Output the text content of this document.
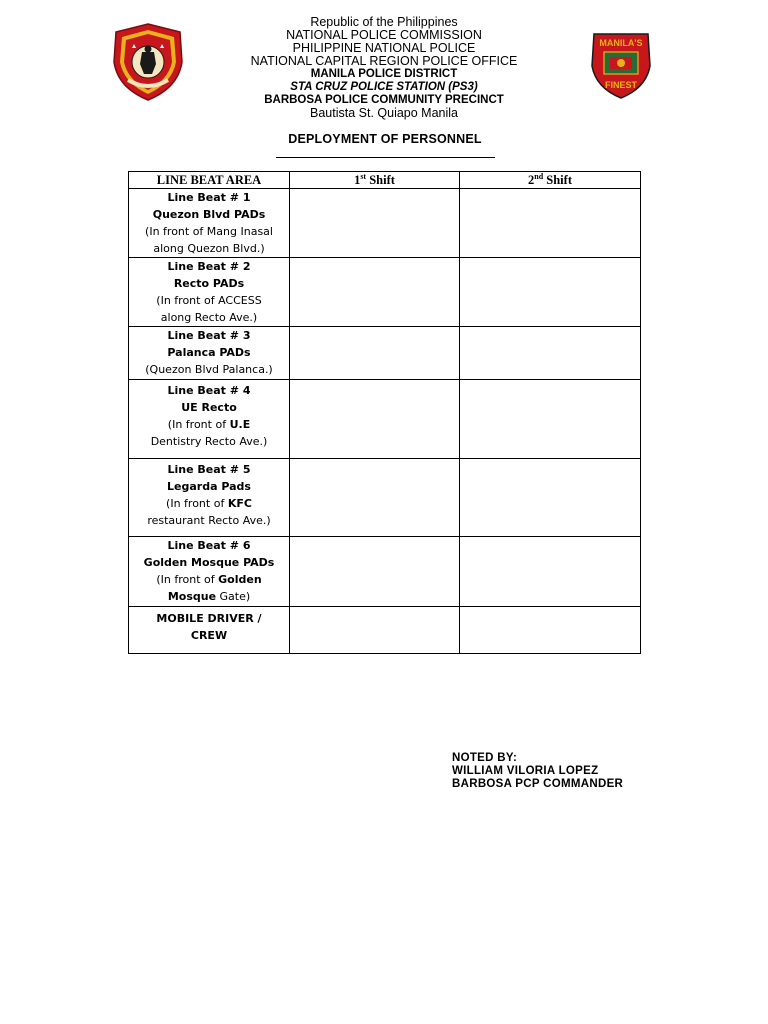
MANILA'S
FINEST
Republic of the Philippines
NATIONAL POLICE COMMISSION
PHILIPPINE NATIONAL POLICE
NATIONAL CAPITAL REGION POLICE OFFICE
MANILA POLICE DISTRICT
STA CRUZ POLICE STATION (PS3)
BARBOSA POLICE COMMUNITY PRECINCT
Bautista St. Quiapo Manila
DEPLOYMENT OF PERSONNEL
LINE BEAT AREA	1st Shift	2nd Shift

Line Beat # 1
Quezon Blvd PADs
(In front of Mang Inasal
along Quezon Blvd.)		

Line Beat # 2
Recto PADs
(In front of ACCESS
along Recto Ave.)		

Line Beat # 3
Palanca PADs
(Quezon Blvd Palanca.)		

Line Beat # 4
UE Recto
(In front of U.E
Dentistry Recto Ave.)		

Line Beat # 5
Legarda Pads
(In front of KFC
restaurant Recto Ave.)		

Line Beat # 6
Golden Mosque PADs
(In front of Golden
Mosque Gate)		

MOBILE DRIVER /
CREW		

NOTED BY:
WILLIAM VILORIA LOPEZ
BARBOSA PCP COMMANDER
